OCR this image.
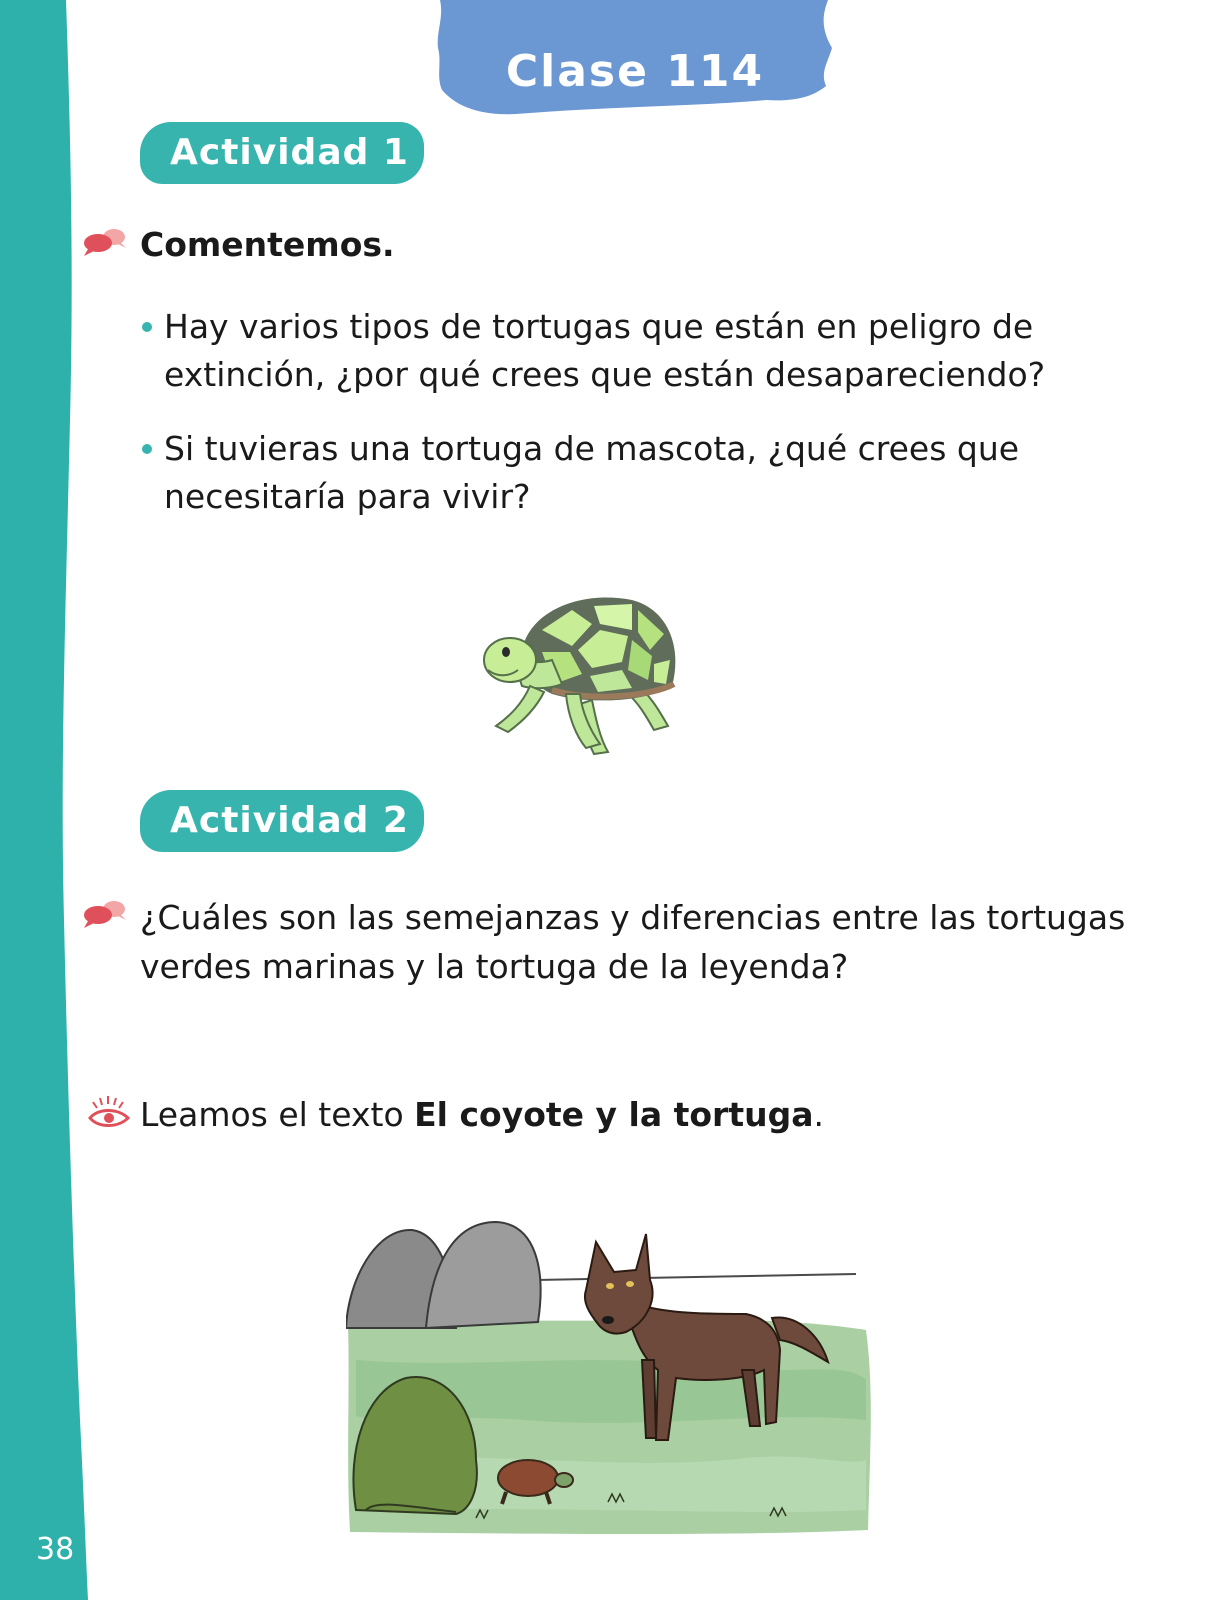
38
Clase 114
Actividad 1
Comentemos.
Hay varios tipos de tortugas que están en peligro de
extinción, ¿por qué crees que están desapareciendo?
Si tuvieras una tortuga de mascota, ¿qué crees que
necesitaría para vivir?
Actividad 2
¿Cuáles son las semejanzas y diferencias entre las tortugas
verdes marinas y la tortuga de la leyenda?
Leamos el texto El coyote y la tortuga.
